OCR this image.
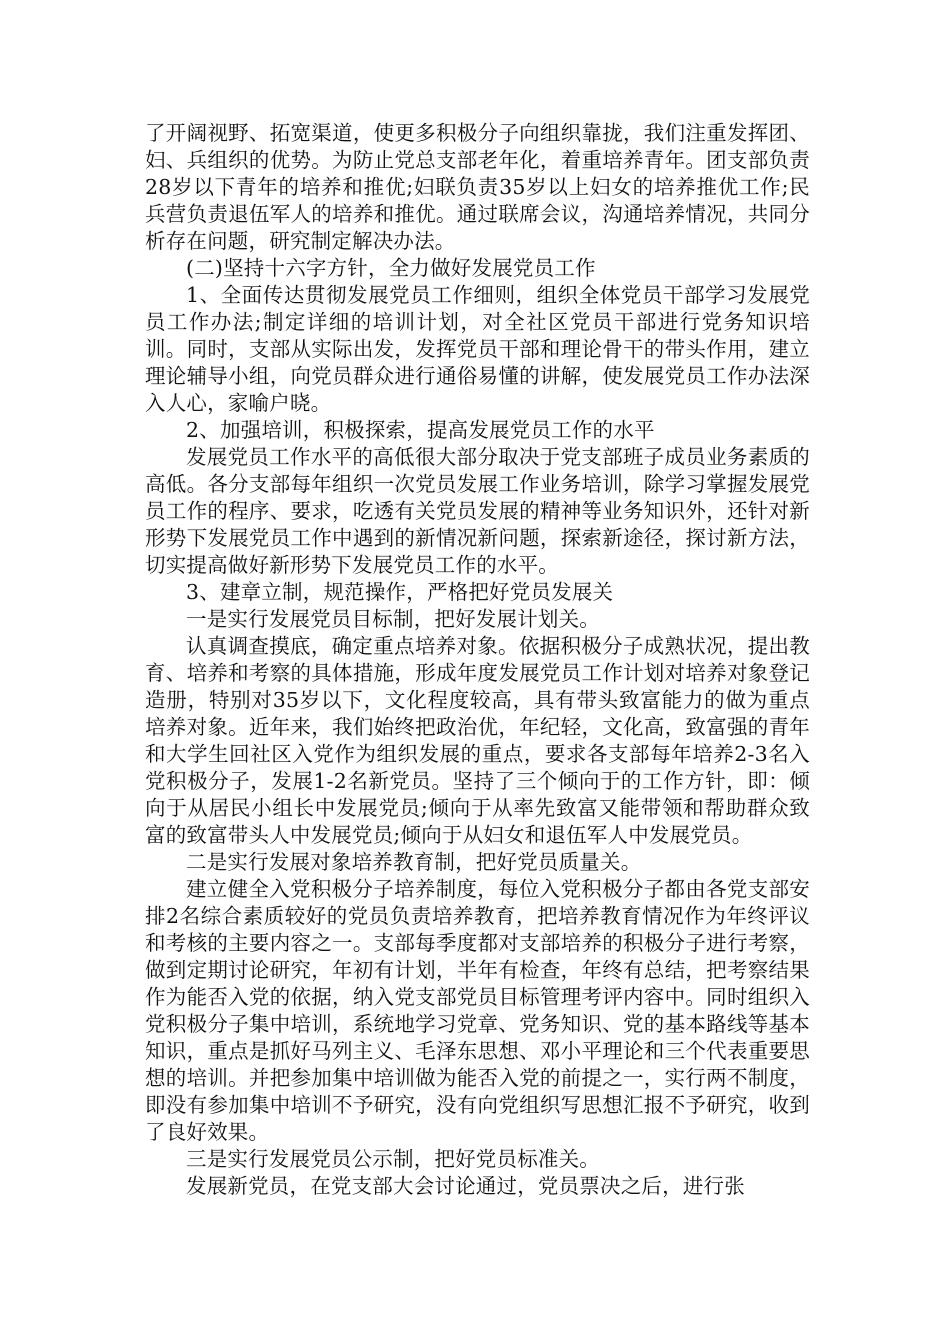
了开阔视野、拓宽渠道，使更多积极分子向组织靠拢，我们注重发挥团、妇、兵组织的优势。为防止党总支部老年化，着重培养青年。团支部负责28岁以下青年的培养和推优;妇联负责35岁以上妇女的培养推优工作;民兵营负责退伍军人的培养和推优。通过联席会议，沟通培养情况，共同分析存在问题，研究制定解决办法。

(二)坚持十六字方针，全力做好发展党员工作

1、全面传达贯彻发展党员工作细则，组织全体党员干部学习发展党员工作办法;制定详细的培训计划，对全社区党员干部进行党务知识培训。同时，支部从实际出发，发挥党员干部和理论骨干的带头作用，建立理论辅导小组，向党员群众进行通俗易懂的讲解，使发展党员工作办法深入人心，家喻户晓。

2、加强培训，积极探索，提高发展党员工作的水平

发展党员工作水平的高低很大部分取决于党支部班子成员业务素质的高低。各分支部每年组织一次党员发展工作业务培训，除学习掌握发展党员工作的程序、要求，吃透有关党员发展的精神等业务知识外，还针对新形势下发展党员工作中遇到的新情况新问题，探索新途径，探讨新方法，切实提高做好新形势下发展党员工作的水平。

3、建章立制，规范操作，严格把好党员发展关

一是实行发展党员目标制，把好发展计划关。

认真调查摸底，确定重点培养对象。依据积极分子成熟状况，提出教育、培养和考察的具体措施，形成年度发展党员工作计划对培养对象登记造册，特别对35岁以下，文化程度较高，具有带头致富能力的做为重点培养对象。近年来，我们始终把政治优，年纪轻，文化高，致富强的青年和大学生回社区入党作为组织发展的重点，要求各支部每年培养2-3名入党积极分子，发展1-2名新党员。坚持了三个倾向于的工作方针，即：倾向于从居民小组长中发展党员;倾向于从率先致富又能带领和帮助群众致富的致富带头人中发展党员;倾向于从妇女和退伍军人中发展党员。

二是实行发展对象培养教育制，把好党员质量关。

建立健全入党积极分子培养制度，每位入党积极分子都由各党支部安排2名综合素质较好的党员负责培养教育，把培养教育情况作为年终评议和考核的主要内容之一。支部每季度都对支部培养的积极分子进行考察，做到定期讨论研究，年初有计划，半年有检查，年终有总结，把考察结果作为能否入党的依据，纳入党支部党员目标管理考评内容中。同时组织入党积极分子集中培训，系统地学习党章、党务知识、党的基本路线等基本知识，重点是抓好马列主义、毛泽东思想、邓小平理论和三个代表重要思想的培训。并把参加集中培训做为能否入党的前提之一，实行两不制度，即没有参加集中培训不予研究，没有向党组织写思想汇报不予研究，收到了良好效果。

三是实行发展党员公示制，把好党员标准关。

发展新党员，在党支部大会讨论通过，党员票决之后，进行张
